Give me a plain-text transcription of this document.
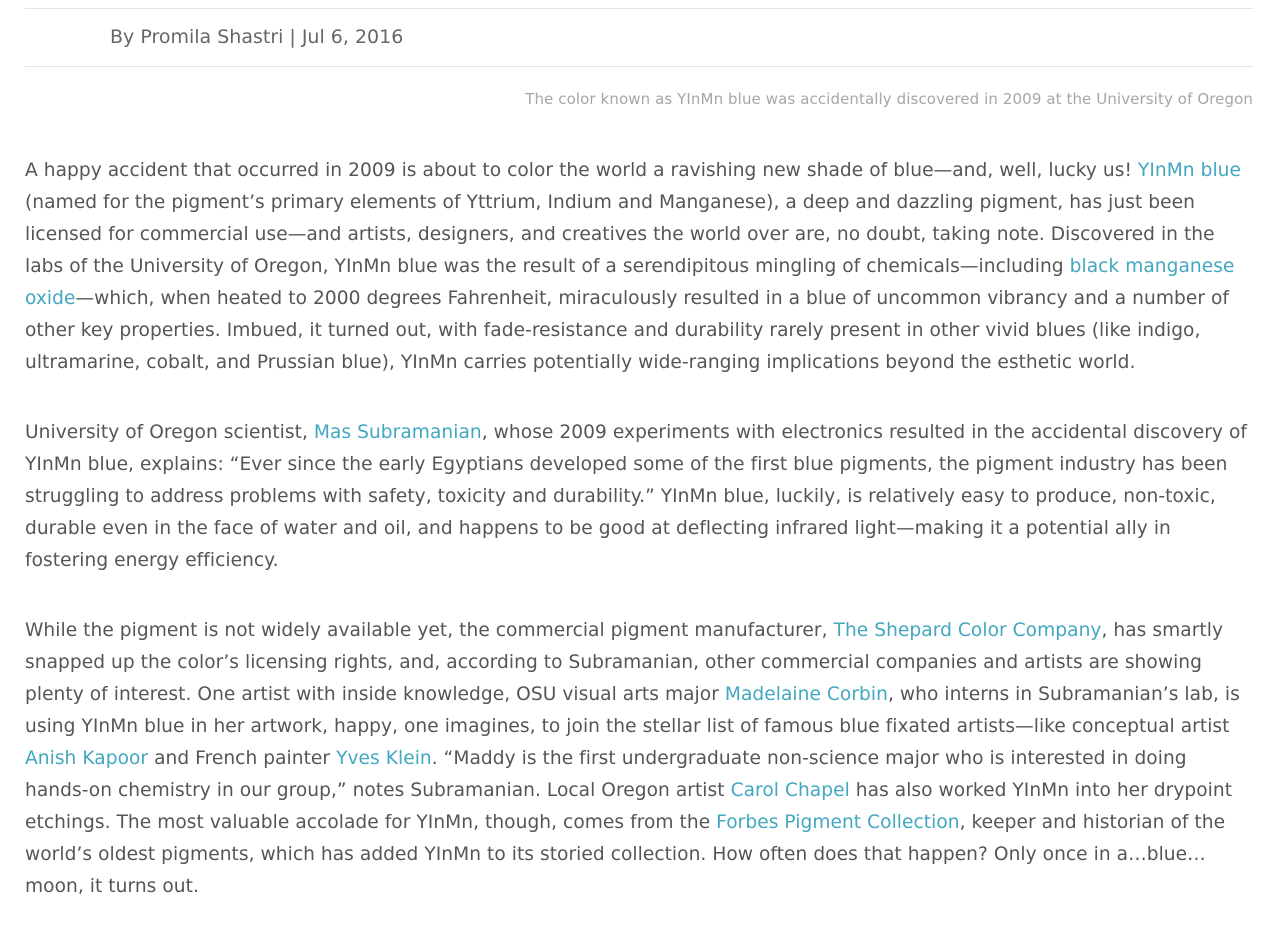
By Promila Shastri | Jul 6, 2016
The color known as YInMn blue was accidentally discovered in 2009 at the University of Oregon

A happy accident that occurred in 2009 is about to color the world a ravishing new shade of blue—and, well, lucky us! YInMn blue (named for the pigment’s primary elements of Yttrium, Indium and Manganese), a deep and dazzling pigment, has just been licensed for commercial use—and artists, designers, and creatives the world over are, no doubt, taking note. Discovered in the labs of the University of Oregon, YInMn blue was the result of a serendipitous mingling of chemicals—including black manganese oxide—which, when heated to 2000 degrees Fahrenheit, miraculously resulted in a blue of uncommon vibrancy and a number of other key properties. Imbued, it turned out, with fade-resistance and durability rarely present in other vivid blues (like indigo, ultramarine, cobalt, and Prussian blue), YInMn carries potentially wide-ranging implications beyond the esthetic world.

University of Oregon scientist, Mas Subramanian, whose 2009 experiments with electronics resulted in the accidental discovery of YInMn blue, explains: “Ever since the early Egyptians developed some of the first blue pigments, the pigment industry has been struggling to address problems with safety, toxicity and durability.” YInMn blue, luckily, is relatively easy to produce, non-toxic, durable even in the face of water and oil, and happens to be good at deflecting infrared light—making it a potential ally in fostering energy efficiency.

While the pigment is not widely available yet, the commercial pigment manufacturer, The Shepard Color Company, has smartly snapped up the color’s licensing rights, and, according to Subramanian, other commercial companies and artists are showing plenty of interest. One artist with inside knowledge, OSU visual arts major Madelaine Corbin, who interns in Subramanian’s lab, is using YInMn blue in her artwork, happy, one imagines, to join the stellar list of famous blue fixated artists—like conceptual artist Anish Kapoor and French painter Yves Klein. “Maddy is the first undergraduate non-science major who is interested in doing hands-on chemistry in our group,” notes Subramanian. Local Oregon artist Carol Chapel has also worked YInMn into her drypoint etchings. The most valuable accolade for YInMn, though, comes from the Forbes Pigment Collection, keeper and historian of the world’s oldest pigments, which has added YInMn to its storied collection. How often does that happen? Only once in a…blue…moon, it turns out.
